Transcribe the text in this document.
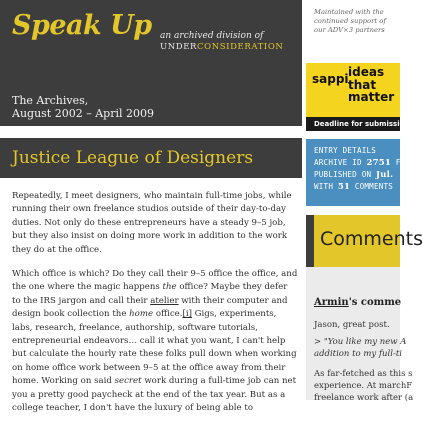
Speak Up an archived division of
UNDERCONSIDERATION
The Archives,
August 2002 – April 2009
Justice League of Designers

Repeatedly, I meet designers, who maintain full-time jobs, while running their own freelance studios outside of their day-to-day duties. Not only do these entrepreneurs have a steady 9–5 job, but they also insist on doing more work in addition to the work they do at the office.

Which office is which? Do they call their 9–5 office the office, and the one where the magic happens the office? Maybe they defer to the IRS jargon and call their atelier with their computer and design book collection the home office.[i] Gigs, experiments, labs, research, freelance, authorship, software tutorials, entrepreneurial endeavors… call it what you want, I can't help but calculate the hourly rate these folks pull down when working on home office work between 9–5 at the office away from their home. Working on said secret work during a full-time job can net you a pretty good paycheck at the end of the tax year. But as a college teacher, I don't have the luxury of being able to

Maintained with the
continued support of
our ADV×3 partners
sappi ideas
that
matter
Deadline for submissions i
ENTRY DETAILS
ARCHIVE ID 2751 FI
PUBLISHED ON Jul.
WITH 51 COMMENTS
Comments
Armin's comme
Jason, great post.
> "You like my new A
addition to my full-ti
As far-fetched as this s
experience. At marchF
freelance work after (a
